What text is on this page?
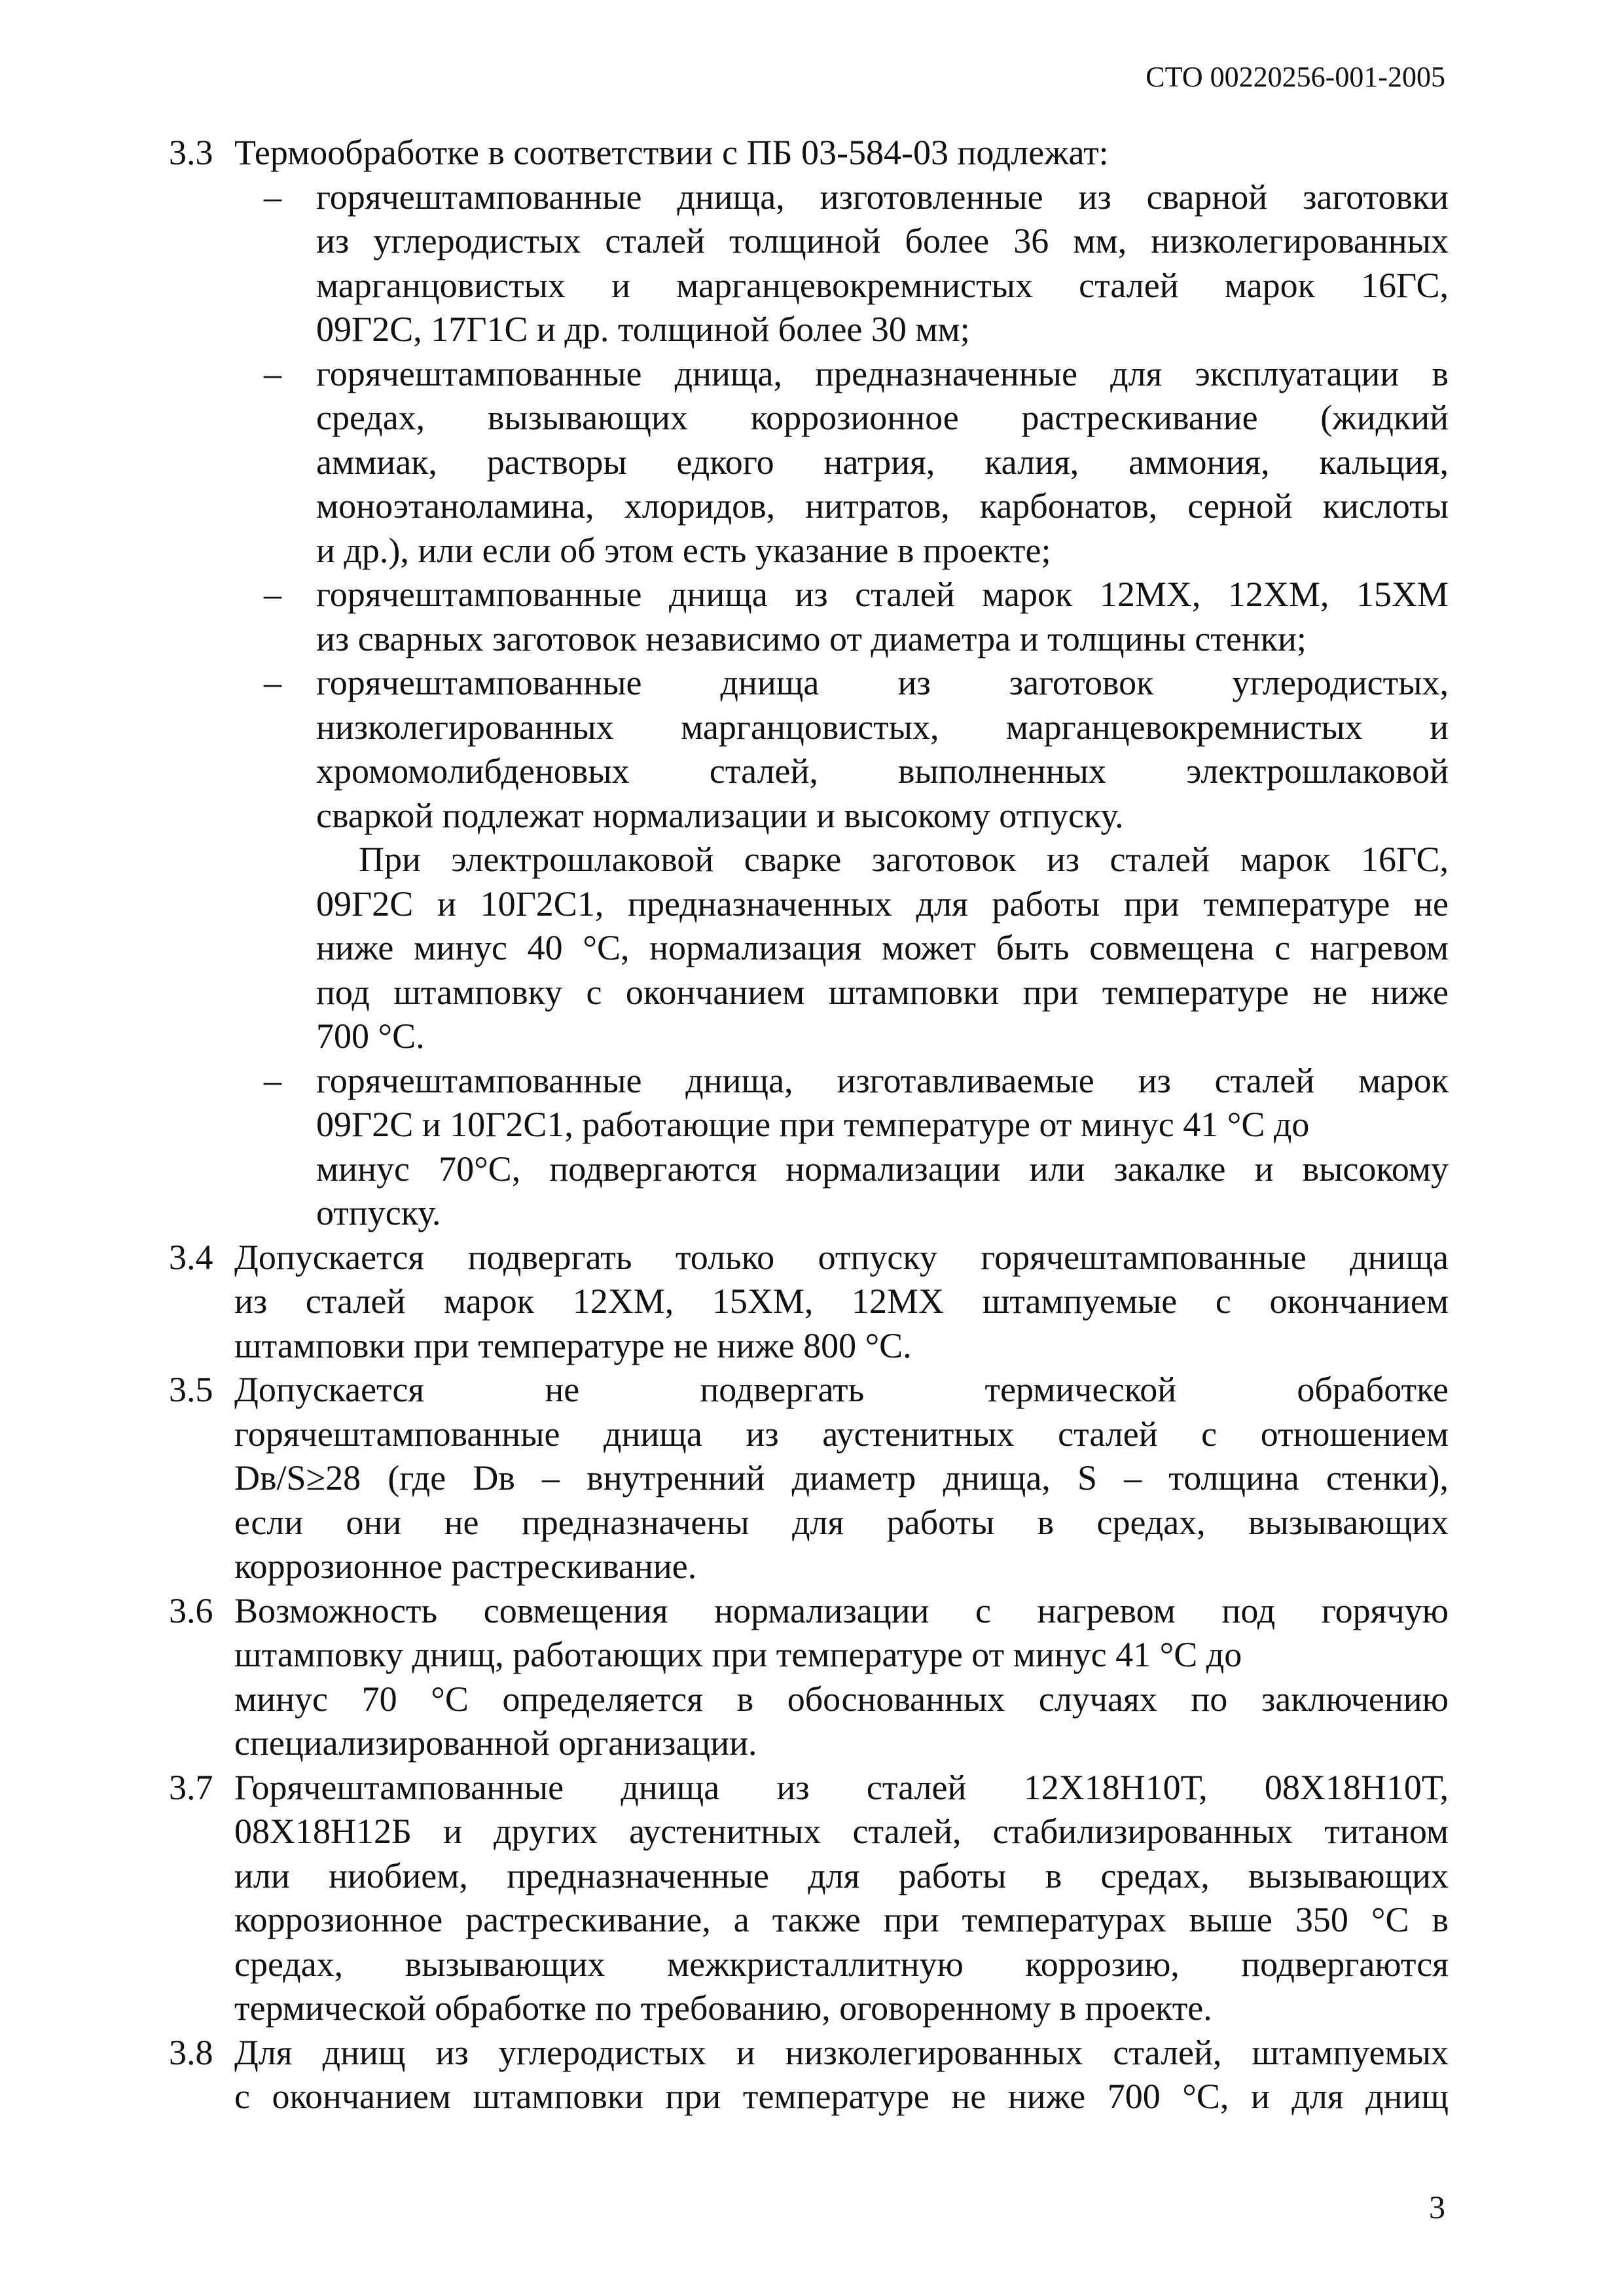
СТО 00220256-001-2005
3.3 Термообработке в соответствии с ПБ 03-584-03 подлежат:
– горячештампованные днища, изготовленные из сварной заготовки
из углеродистых сталей толщиной более 36 мм, низколегированных
марганцовистых и марганцевокремнистых сталей марок 16ГС,
09Г2С, 17Г1С и др. толщиной более 30 мм;
– горячештампованные днища, предназначенные для эксплуатации в
средах, вызывающих коррозионное растрескивание (жидкий
аммиак, растворы едкого натрия, калия, аммония, кальция,
моноэтаноламина, хлоридов, нитратов, карбонатов, серной кислоты
и др.), или если об этом есть указание в проекте;
– горячештампованные днища из сталей марок 12МХ, 12ХМ, 15ХМ
из сварных заготовок независимо от диаметра и толщины стенки;
– горячештампованные днища из заготовок углеродистых,
низколегированных марганцовистых, марганцевокремнистых и
хромомолибденовых сталей, выполненных электрошлаковой
сваркой подлежат нормализации и высокому отпуску.
При электрошлаковой сварке заготовок из сталей марок 16ГС,
09Г2С и 10Г2С1, предназначенных для работы при температуре не
ниже минус 40 °С, нормализация может быть совмещена с нагревом
под штамповку с окончанием штамповки при температуре не ниже
700 °С.
– горячештампованные днища, изготавливаемые из сталей марок
09Г2С и 10Г2С1, работающие при температуре от минус 41 °С до
минус 70°С, подвергаются нормализации или закалке и высокому
отпуску.
3.4 Допускается подвергать только отпуску горячештампованные днища
из сталей марок 12ХМ, 15ХМ, 12МХ штампуемые с окончанием
штамповки при температуре не ниже 800 °С.
3.5 Допускается не подвергать термической обработке
горячештампованные днища из аустенитных сталей с отношением
Dв/S≥28 (где Dв – внутренний диаметр днища, S – толщина стенки),
если они не предназначены для работы в средах, вызывающих
коррозионное растрескивание.
3.6 Возможность совмещения нормализации с нагревом под горячую
штамповку днищ, работающих при температуре от минус 41 °С до
минус 70 °С определяется в обоснованных случаях по заключению
специализированной организации.
3.7 Горячештампованные днища из сталей 12Х18Н10Т, 08Х18Н10Т,
08Х18Н12Б и других аустенитных сталей, стабилизированных титаном
или ниобием, предназначенные для работы в средах, вызывающих
коррозионное растрескивание, а также при температурах выше 350 °С в
средах, вызывающих межкристаллитную коррозию, подвергаются
термической обработке по требованию, оговоренному в проекте.
3.8 Для днищ из углеродистых и низколегированных сталей, штампуемых
с окончанием штамповки при температуре не ниже 700 °С, и для днищ
3
